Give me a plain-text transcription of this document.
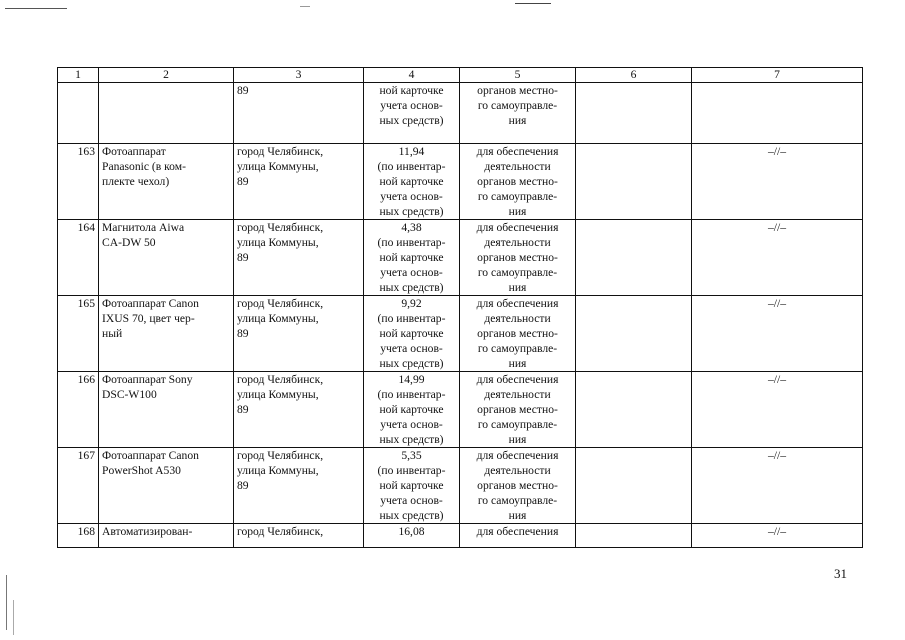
1	2	3	4	5	6	7

		89	ной карточке
учета основ-
ных средств)	органов местно-
го самоуправле-
ния		

163	Фотоаппарат
Panasonic (в ком-
плекте чехол)	город Челябинск,
улица Коммуны,
89	11,94
(по инвентар-
ной карточке
учета основ-
ных средств)	для обеспечения
деятельности
органов местно-
го самоуправле-
ния		–//–
164	Магнитола Aiwa
CA-DW 50	город Челябинск,
улица Коммуны,
89	4,38
(по инвентар-
ной карточке
учета основ-
ных средств)	для обеспечения
деятельности
органов местно-
го самоуправле-
ния		–//–
165	Фотоаппарат Canon
IXUS 70, цвет чер-
ный	город Челябинск,
улица Коммуны,
89	9,92
(по инвентар-
ной карточке
учета основ-
ных средств)	для обеспечения
деятельности
органов местно-
го самоуправле-
ния		–//–
166	Фотоаппарат Sony
DSC-W100	город Челябинск,
улица Коммуны,
89	14,99
(по инвентар-
ной карточке
учета основ-
ных средств)	для обеспечения
деятельности
органов местно-
го самоуправле-
ния		–//–
167	Фотоаппарат Canon
PowerShot A530	город Челябинск,
улица Коммуны,
89	5,35
(по инвентар-
ной карточке
учета основ-
ных средств)	для обеспечения
деятельности
органов местно-
го самоуправле-
ния		–//–
168	Автоматизирован-	город Челябинск,	16,08	для обеспечения		–//–
31
